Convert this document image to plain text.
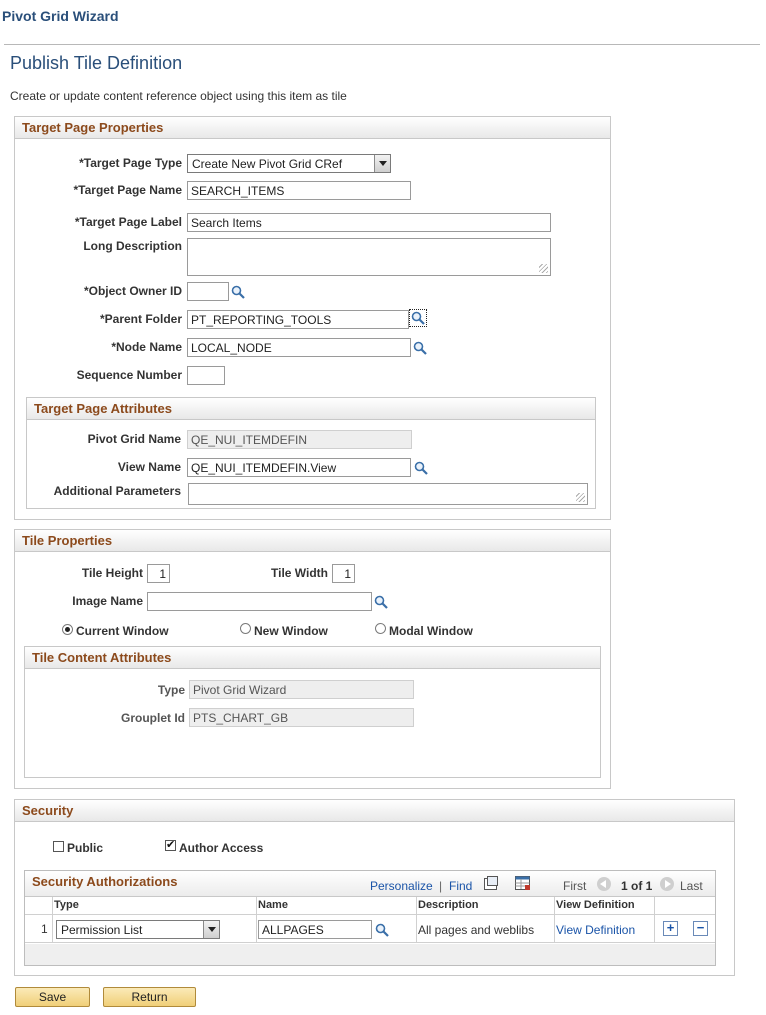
Pivot Grid Wizard
Publish Tile Definition
Create or update content reference object using this item as tile
Target Page Properties
*Target Page Type Create New Pivot Grid CRef
*Target Page Name SEARCH_ITEMS
*Target Page Label Search Items
Long Description
*Object Owner ID
*Parent Folder PT_REPORTING_TOOLS
*Node Name LOCAL_NODE
Sequence Number
Target Page Attributes
Pivot Grid Name QE_NUI_ITEMDEFIN
View Name QE_NUI_ITEMDEFIN.View
Additional Parameters
Tile Properties
Tile Height	1	Tile Width	1
Image Name
Current Window	New Window	Modal Window
Tile Content Attributes
Type Pivot Grid Wizard
Grouplet Id PTS_CHART_GB
Security
Public
✔	Author Access
Security Authorizations	Personalize | Find	First	1 of 1 Last
Type	Name	Description	View Definition
1	Permission List	ALLPAGES	All pages and weblibs View Definition + −
Save	Return
